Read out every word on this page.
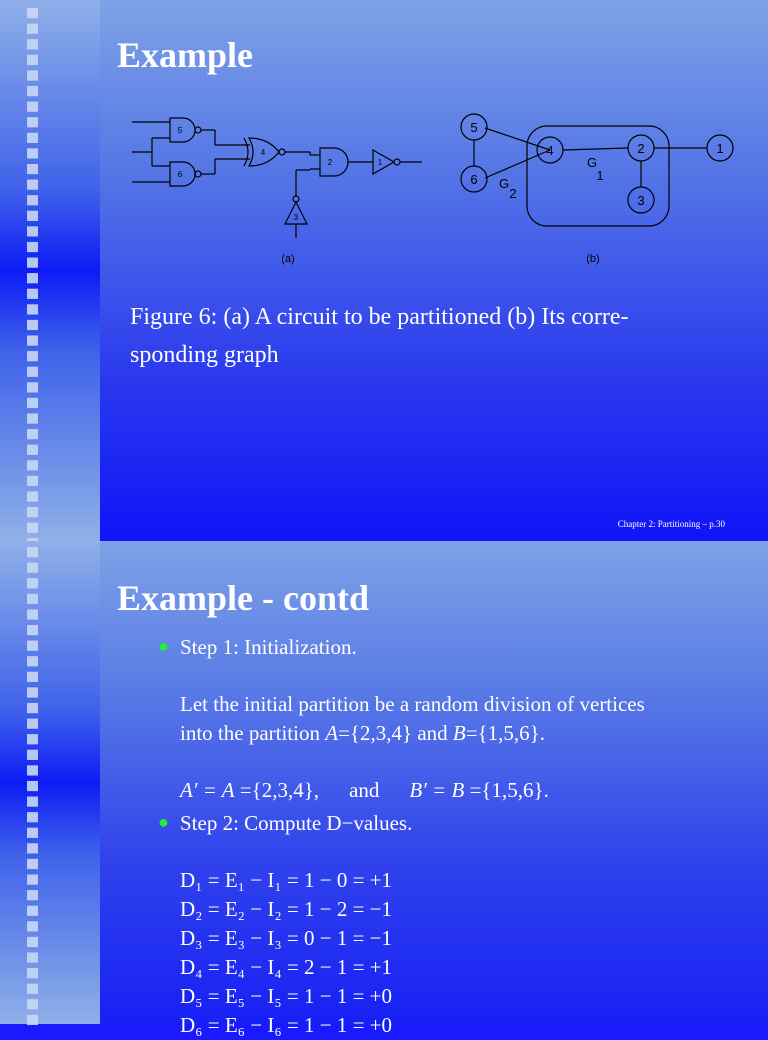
Example
5
6
4
2	1
3
(a)
5
6
4	2	1
3
G
1
G
2
(b)

Figure 6: (a) A circuit to be partitioned (b) Its corre-
sponding graph

Chapter 2: Partitioning – p.30
Example - contd
● Step 1: Initialization.

Let the initial partition be a random division of vertices

into the partition A={2,3,4} and B={1,5,6}.

A′ = A ={2,3,4}, and B′ = B ={1,5,6}.

● Step 2: Compute D−values.

D₁ = E₁ − I₁ = 1 − 0 = +1

D₂ = E₂ − I₂ = 1 − 2 = −1

D₃ = E₃ − I₃ = 0 − 1 = −1

D₄ = E₄ − I₄ = 2 − 1 = +1

D₅ = E₅ − I₅ = 1 − 1 = +0

D₆ = E₆ − I₆ = 1 − 1 = +0
